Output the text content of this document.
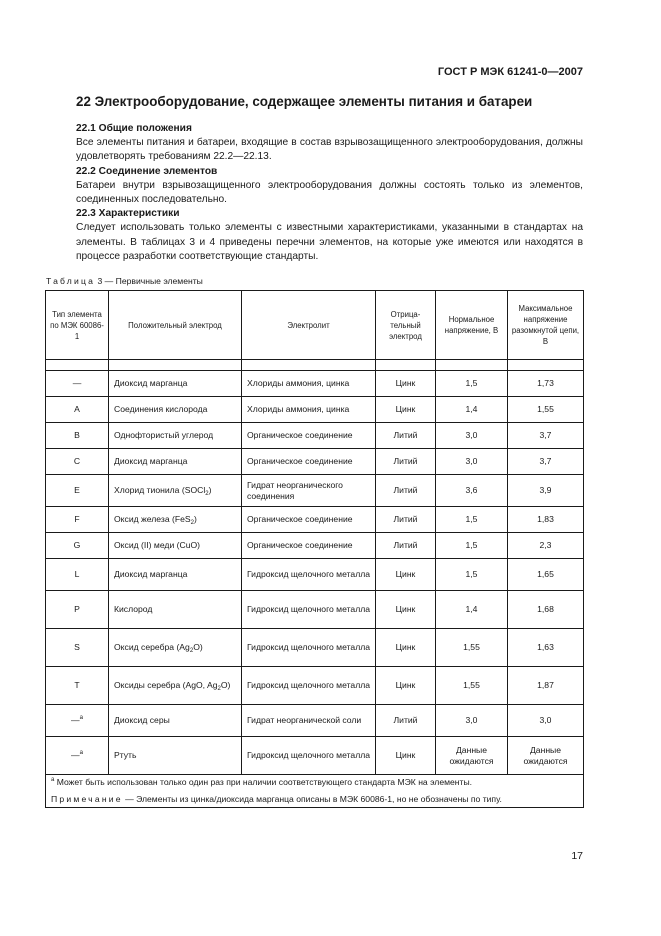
ГОСТ Р МЭК 61241-0—2007
22 Электрооборудование, содержащее элементы питания и батареи
22.1 Общие положения
Все элементы питания и батареи, входящие в состав взрывозащищенного электрооборудования, должны удовлетворять требованиям 22.2—22.13.
22.2 Соединение элементов
Батареи внутри взрывозащищенного электрооборудования должны состоять только из элементов, соединенных последовательно.
22.3 Характеристики
Следует использовать только элементы с известными характеристиками, указанными в стандартах на элементы. В таблицах 3 и 4 приведены перечни элементов, на которые уже имеются или находятся в процессе разработки соответствующие стандарты.
Таблица 3 — Первичные элементы
Тип элемента по МЭК 60086-1	Положительный электрод	Электролит	Отрица-тельный электрод	Нормальное напряжение, В	Максимальное напряжение разомкнутой цепи, В

—	Диоксид марганца	Хлориды аммония, цинка	Цинк	1,5	1,73
A	Соединения кислорода	Хлориды аммония, цинка	Цинк	1,4	1,55
B	Однофтористый углерод	Органическое соединение	Литий	3,0	3,7
C	Диоксид марганца	Органическое соединение	Литий	3,0	3,7
E	Хлорид тионила (SOCl$_2$)	Гидрат неорганического соединения	Литий	3,6	3,9
F	Оксид железа (FeS$_2$)	Органическое соединение	Литий	1,5	1,83
G	Оксид (II) меди (CuO)	Органическое соединение	Литий	1,5	2,3
L	Диоксид марганца	Гидроксид щелочного металла	Цинк	1,5	1,65
P	Кислород	Гидроксид щелочного металла	Цинк	1,4	1,68
S	Оксид серебра $(Ag_2O)$	Гидроксид щелочного металла	Цинк	1,55	1,63
T	Оксиды серебра (AgO, $Ag_2O$)	Гидроксид щелочного металла	Цинк	1,55	1,87
—$^а$	Диоксид серы	Гидрат неорганической соли	Литий	3,0	3,0
—$^а$	Ртуть	Гидроксид щелочного металла	Цинк	Данные ожидаются	Данные ожидаются

$^а$ Может быть использован только один раз при наличии соответствующего стандарта МЭК на элементы.
Примечание — Элементы из цинка/диоксида марганца описаны в МЭК 60086-1, но не обозначены по типу.					
17
